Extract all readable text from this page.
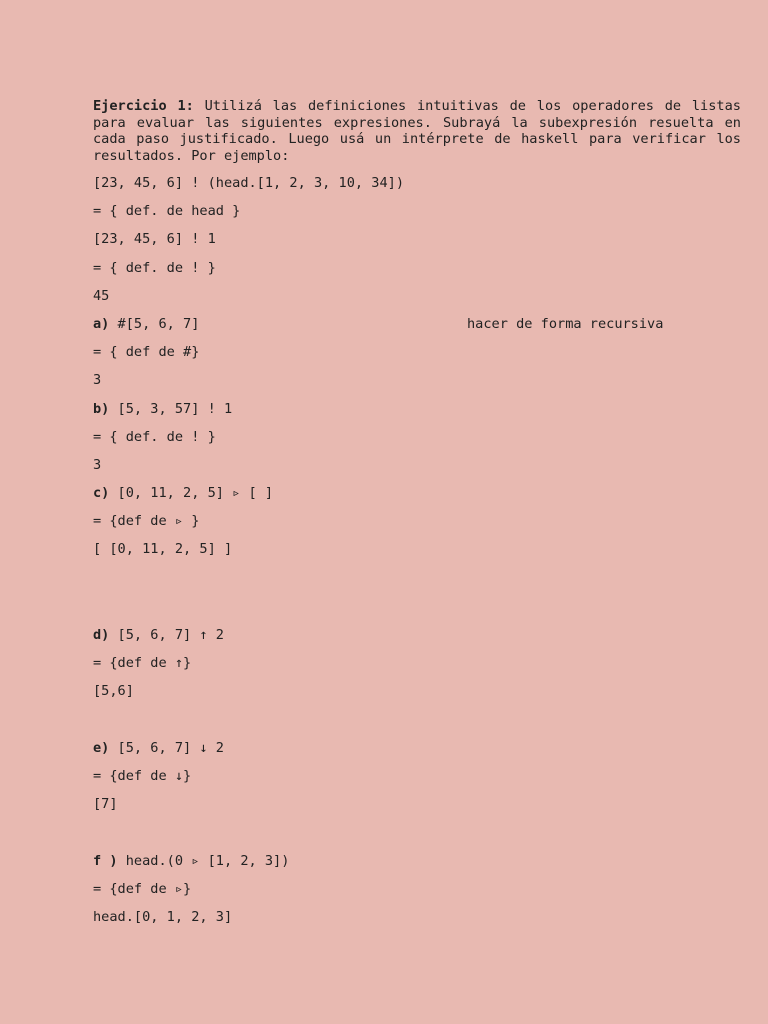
Ejercicio 1: Utilizá las definiciones intuitivas de los operadores de listas para evaluar las siguientes expresiones. Subrayá la subexpresión resuelta en cada paso justificado. Luego usá un intérprete de haskell para verificar los resultados. Por ejemplo:

[23, 45, 6] ! (head.[1, 2, 3, 10, 34])
= { def. de head }
[23, 45, 6] ! 1
= { def. de ! }
45
a) #[5, 6, 7]	hacer de forma recursiva
= { def de #}
3
b) [5, 3, 57] ! 1
= { def. de ! }
3
c) [0, 11, 2, 5] ▹ [ ]
= {def de ▹ }
[ [0, 11, 2, 5] ]
d) [5, 6, 7] ↑ 2
= {def de ↑}
[5,6]
e) [5, 6, 7] ↓ 2
= {def de ↓}
[7]
f ) head.(0 ▹ [1, 2, 3])
= {def de ▹}
head.[0, 1, 2, 3]
